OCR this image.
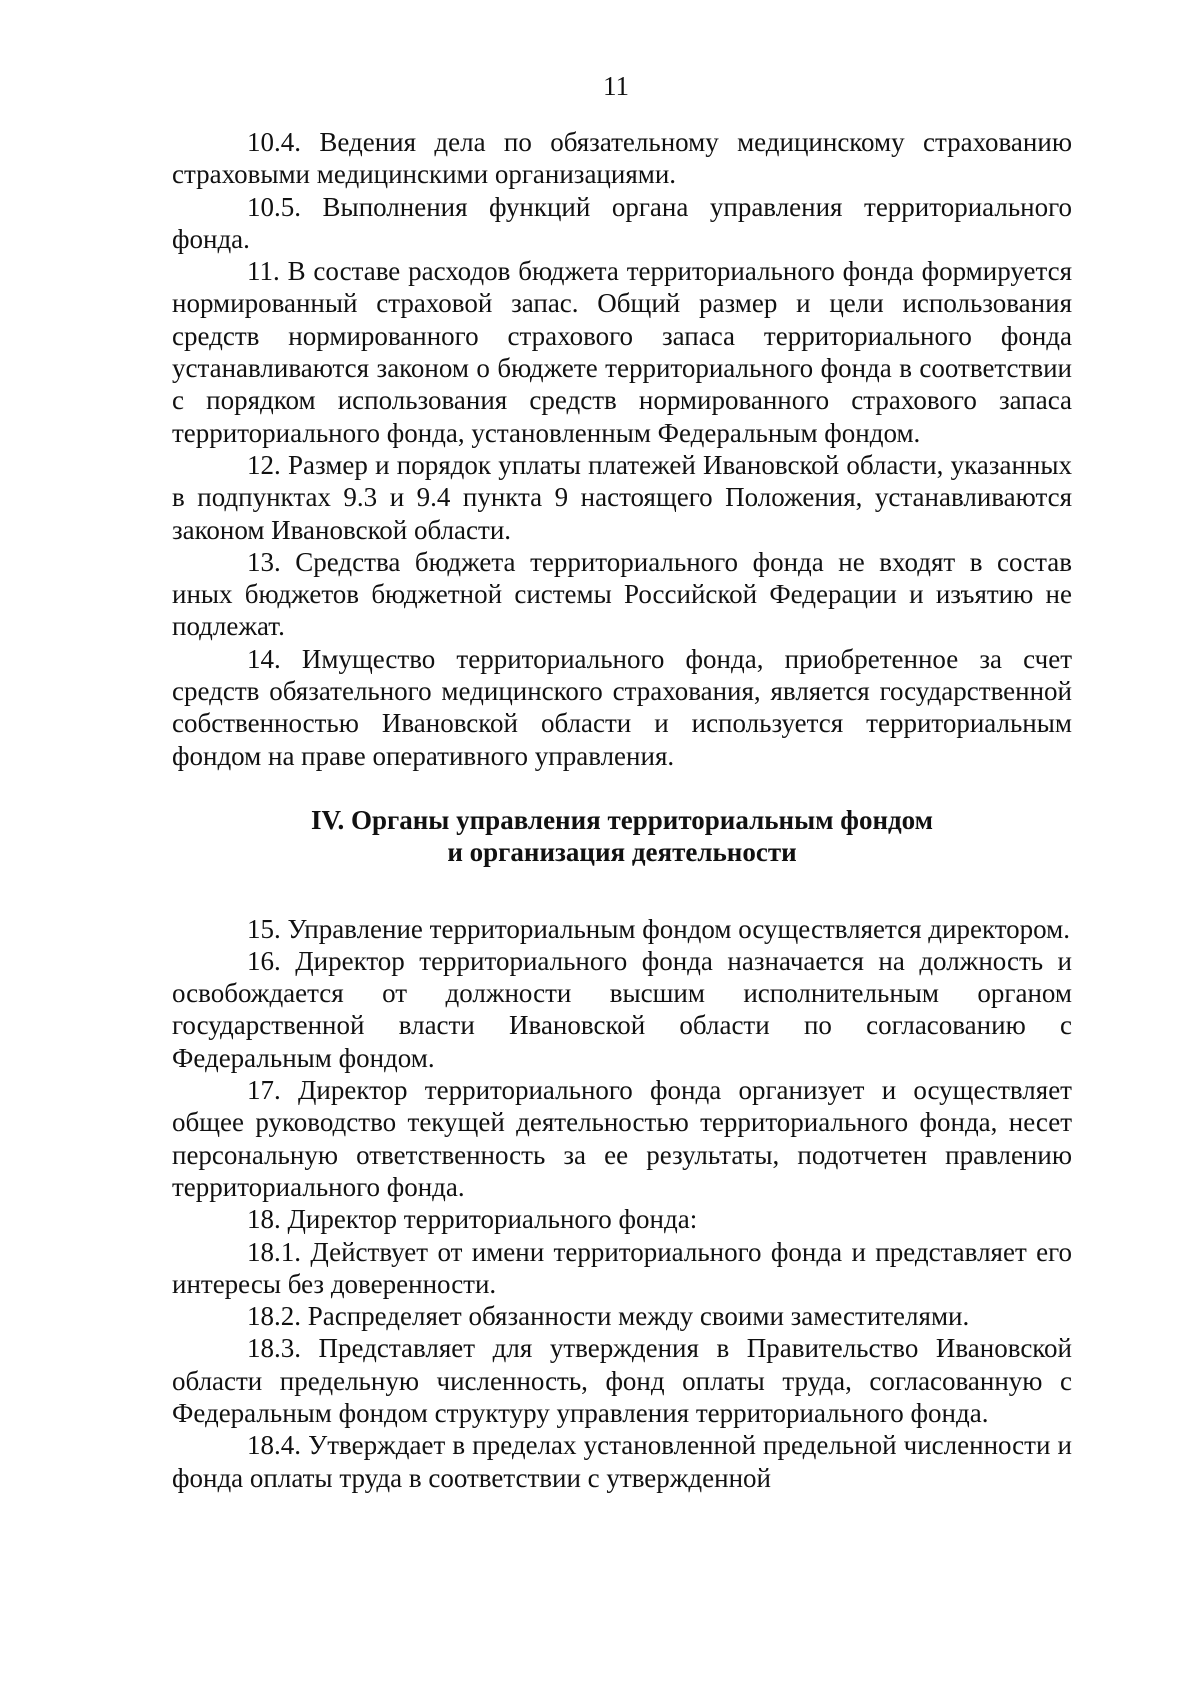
11

10.4. Ведения дела по обязательному медицинскому страхованию страховыми медицинскими организациями.

10.5. Выполнения функций органа управления территориального фонда.

11. В составе расходов бюджета территориального фонда формируется нормированный страховой запас. Общий размер и цели использования средств нормированного страхового запаса территориального фонда устанавливаются законом о бюджете территориального фонда в соответствии с порядком использования средств нормированного страхового запаса территориального фонда, установленным Федеральным фондом.

12. Размер и порядок уплаты платежей Ивановской области, указанных в подпунктах 9.3 и 9.4 пункта 9 настоящего Положения, устанавливаются законом Ивановской области.

13. Средства бюджета территориального фонда не входят в состав иных бюджетов бюджетной системы Российской Федерации и изъятию не подлежат.

14. Имущество территориального фонда, приобретенное за счет средств обязательного медицинского страхования, является государственной собственностью Ивановской области и используется территориальным фондом на праве оперативного управления.

IV. Органы управления территориальным фондом
и организация деятельности

15. Управление территориальным фондом осуществляется директором.

16. Директор территориального фонда назначается на должность и освобождается от должности высшим исполнительным органом государственной власти Ивановской области по согласованию с Федеральным фондом.

17. Директор территориального фонда организует и осуществляет общее руководство текущей деятельностью территориального фонда, несет персональную ответственность за ее результаты, подотчетен правлению территориального фонда.

18. Директор территориального фонда:

18.1. Действует от имени территориального фонда и представляет его интересы без доверенности.

18.2. Распределяет обязанности между своими заместителями.

18.3. Представляет для утверждения в Правительство Ивановской области предельную численность, фонд оплаты труда, согласованную с Федеральным фондом структуру управления территориального фонда.

18.4. Утверждает в пределах установленной предельной численности и фонда оплаты труда в соответствии с утвержденной
